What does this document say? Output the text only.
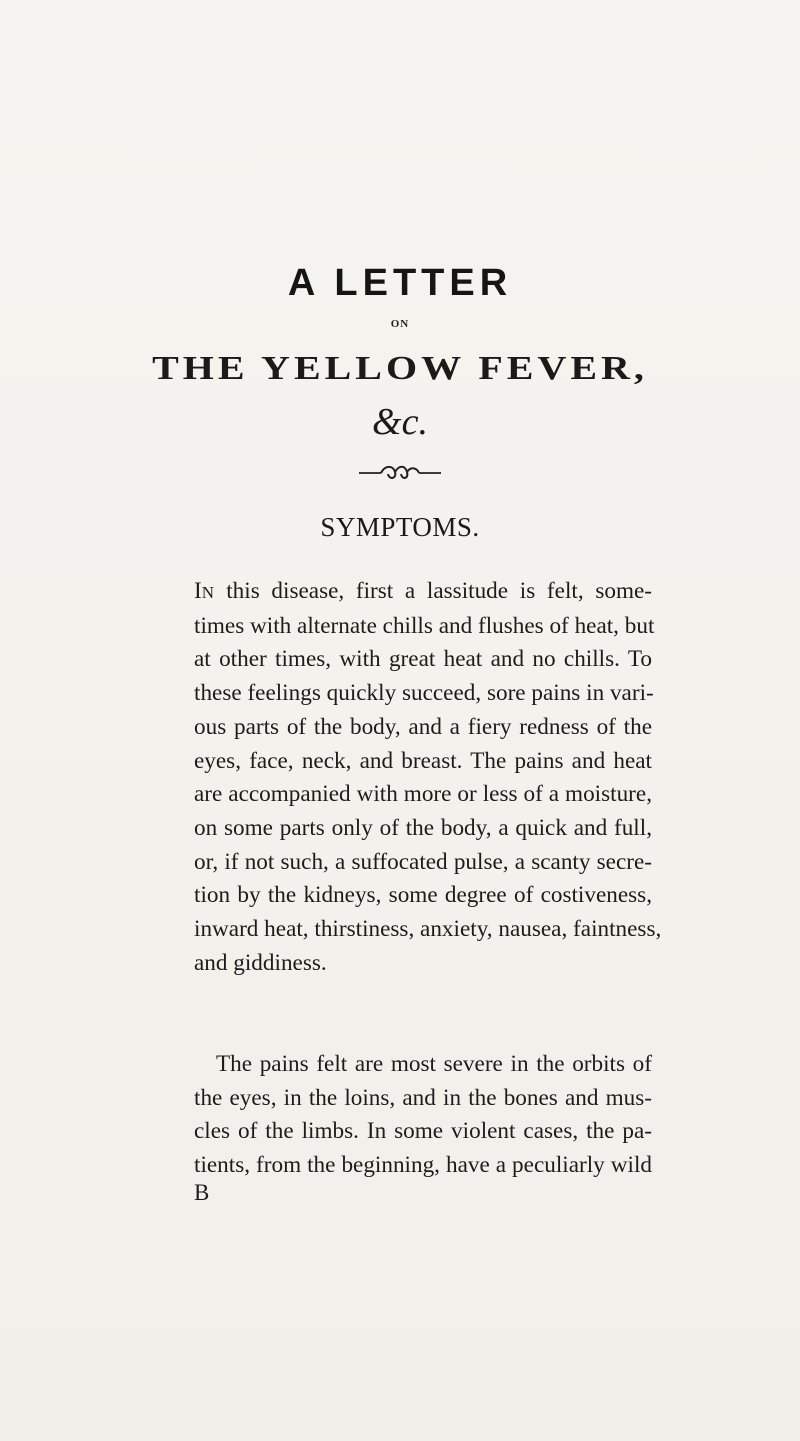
A LETTER
ON
THE YELLOW FEVER,
&c.
SYMPTOMS.
IN this disease, first a lassitude is felt, some-
times with alternate chills and flushes of heat, but
at other times, with great heat and no chills. To
these feelings quickly succeed, sore pains in vari-
ous parts of the body, and a fiery redness of the
eyes, face, neck, and breast. The pains and heat
are accompanied with more or less of a moisture,
on some parts only of the body, a quick and full,
or, if not such, a suffocated pulse, a scanty secre-
tion by the kidneys, some degree of costiveness,
inward heat, thirstiness, anxiety, nausea, faintness,
and giddiness.
The pains felt are most severe in the orbits of
the eyes, in the loins, and in the bones and mus-
cles of the limbs. In some violent cases, the pa-
tients, from the beginning, have a peculiarly wild
B
